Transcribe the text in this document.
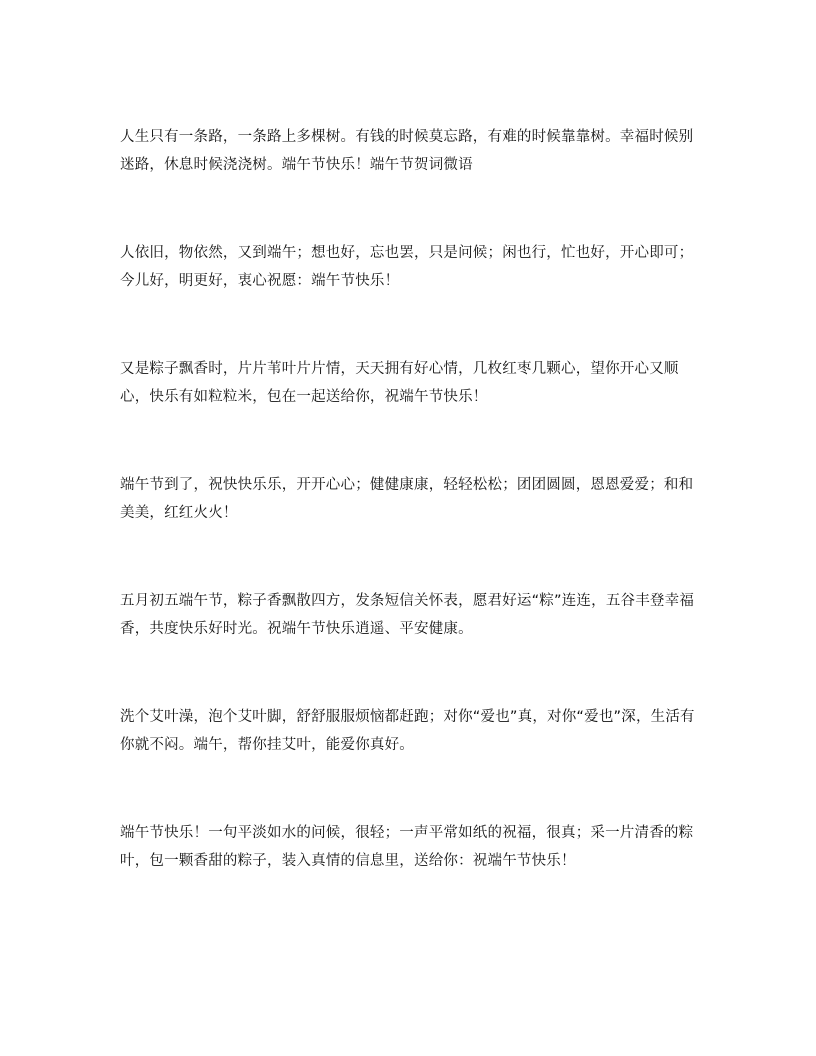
人生只有一条路，一条路上多棵树。有钱的时候莫忘路，有难的时候靠靠树。幸福时候别迷路，休息时候浇浇树。端午节快乐！端午节贺词微语

人依旧，物依然，又到端午；想也好，忘也罢，只是问候；闲也行，忙也好，开心即可；今儿好，明更好，衷心祝愿：端午节快乐！

又是粽子飘香时，片片苇叶片片情，天天拥有好心情，几枚红枣几颗心，望你开心又顺心，快乐有如粒粒米，包在一起送给你，祝端午节快乐！

端午节到了，祝快快乐乐，开开心心；健健康康，轻轻松松；团团圆圆，恩恩爱爱；和和美美，红红火火！

五月初五端午节，粽子香飘散四方，发条短信关怀表，愿君好运“粽”连连，五谷丰登幸福香，共度快乐好时光。祝端午节快乐逍遥、平安健康。

洗个艾叶澡，泡个艾叶脚，舒舒服服烦恼都赶跑；对你“爱也”真，对你“爱也”深，生活有你就不闷。端午，帮你挂艾叶，能爱你真好。

端午节快乐！一句平淡如水的问候，很轻；一声平常如纸的祝福，很真；采一片清香的粽叶，包一颗香甜的粽子，装入真情的信息里，送给你：祝端午节快乐！
